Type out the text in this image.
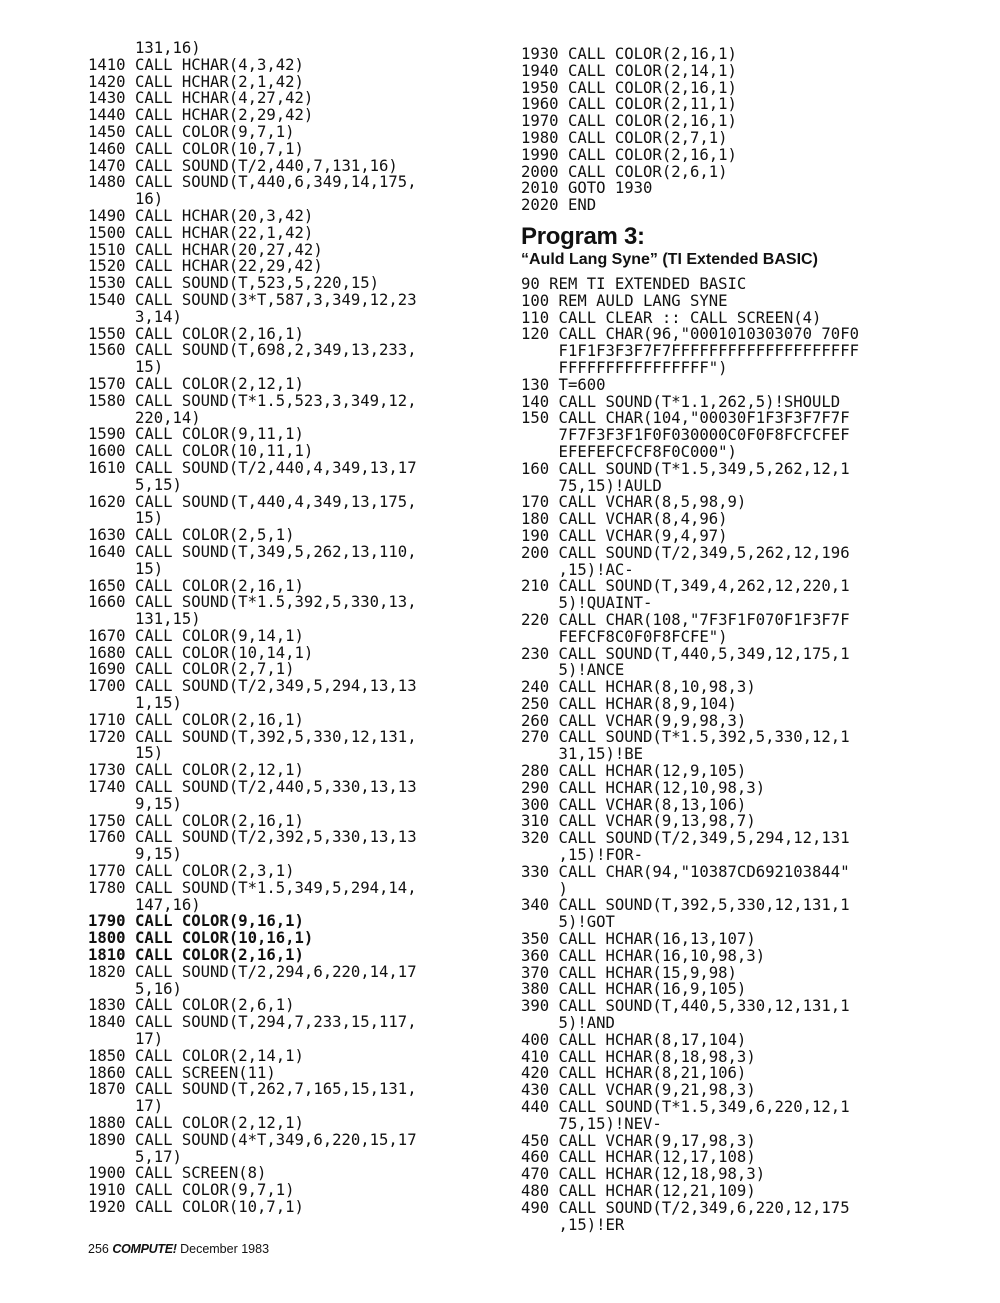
131,16)
1410 CALL HCHAR(4,3,42)
1420 CALL HCHAR(2,1,42)
1430 CALL HCHAR(4,27,42)
1440 CALL HCHAR(2,29,42)
1450 CALL COLOR(9,7,1)
1460 CALL COLOR(10,7,1)
1470 CALL SOUND(T/2,440,7,131,16)
1480 CALL SOUND(T,440,6,349,14,175,
16)
1490 CALL HCHAR(20,3,42)
1500 CALL HCHAR(22,1,42)
1510 CALL HCHAR(20,27,42)
1520 CALL HCHAR(22,29,42)
1530 CALL SOUND(T,523,5,220,15)
1540 CALL SOUND(3*T,587,3,349,12,23
3,14)
1550 CALL COLOR(2,16,1)
1560 CALL SOUND(T,698,2,349,13,233,
15)
1570 CALL COLOR(2,12,1)
1580 CALL SOUND(T*1.5,523,3,349,12,
220,14)
1590 CALL COLOR(9,11,1)
1600 CALL COLOR(10,11,1)
1610 CALL SOUND(T/2,440,4,349,13,17
5,15)
1620 CALL SOUND(T,440,4,349,13,175,
15)
1630 CALL COLOR(2,5,1)
1640 CALL SOUND(T,349,5,262,13,110,
15)
1650 CALL COLOR(2,16,1)
1660 CALL SOUND(T*1.5,392,5,330,13,
131,15)
1670 CALL COLOR(9,14,1)
1680 CALL COLOR(10,14,1)
1690 CALL COLOR(2,7,1)
1700 CALL SOUND(T/2,349,5,294,13,13
1,15)
1710 CALL COLOR(2,16,1)
1720 CALL SOUND(T,392,5,330,12,131,
15)
1730 CALL COLOR(2,12,1)
1740 CALL SOUND(T/2,440,5,330,13,13
9,15)
1750 CALL COLOR(2,16,1)
1760 CALL SOUND(T/2,392,5,330,13,13
9,15)
1770 CALL COLOR(2,3,1)
1780 CALL SOUND(T*1.5,349,5,294,14,
147,16)
1790 CALL COLOR(9,16,1)
1800 CALL COLOR(10,16,1)
1810 CALL COLOR(2,16,1)
1820 CALL SOUND(T/2,294,6,220,14,17
5,16)
1830 CALL COLOR(2,6,1)
1840 CALL SOUND(T,294,7,233,15,117,
17)
1850 CALL COLOR(2,14,1)
1860 CALL SCREEN(11)
1870 CALL SOUND(T,262,7,165,15,131,
17)
1880 CALL COLOR(2,12,1)
1890 CALL SOUND(4*T,349,6,220,15,17
5,17)
1900 CALL SCREEN(8)
1910 CALL COLOR(9,7,1)
1920 CALL COLOR(10,7,1)
1930 CALL COLOR(2,16,1)
1940 CALL COLOR(2,14,1)
1950 CALL COLOR(2,16,1)
1960 CALL COLOR(2,11,1)
1970 CALL COLOR(2,16,1)
1980 CALL COLOR(2,7,1)
1990 CALL COLOR(2,16,1)
2000 CALL COLOR(2,6,1)
2010 GOTO 1930
2020 END
Program 3:
“Auld Lang Syne” (TI Extended BASIC)
90 REM TI EXTENDED BASIC
100 REM AULD LANG SYNE
110 CALL CLEAR :: CALL SCREEN(4)
120 CALL CHAR(96,"0001010303070 70F0
F1F1F3F3F7F7FFFFFFFFFFFFFFFFFFFF
FFFFFFFFFFFFFFFF")
130 T=600
140 CALL SOUND(T*1.1,262,5)!SHOULD
150 CALL CHAR(104,"00030F1F3F3F7F7F
7F7F3F3F1F0F030000C0F0F8FCFCFEF
EFEFEFCFCF8F0C000")
160 CALL SOUND(T*1.5,349,5,262,12,1
75,15)!AULD
170 CALL VCHAR(8,5,98,9)
180 CALL VCHAR(8,4,96)
190 CALL VCHAR(9,4,97)
200 CALL SOUND(T/2,349,5,262,12,196
,15)!AC-
210 CALL SOUND(T,349,4,262,12,220,1
5)!QUAINT-
220 CALL CHAR(108,"7F3F1F070F1F3F7F
FEFCF8C0F0F8FCFE")
230 CALL SOUND(T,440,5,349,12,175,1
5)!ANCE
240 CALL HCHAR(8,10,98,3)
250 CALL HCHAR(8,9,104)
260 CALL VCHAR(9,9,98,3)
270 CALL SOUND(T*1.5,392,5,330,12,1
31,15)!BE
280 CALL HCHAR(12,9,105)
290 CALL HCHAR(12,10,98,3)
300 CALL VCHAR(8,13,106)
310 CALL VCHAR(9,13,98,7)
320 CALL SOUND(T/2,349,5,294,12,131
,15)!FOR-
330 CALL CHAR(94,"10387CD692103844"
)
340 CALL SOUND(T,392,5,330,12,131,1
5)!GOT
350 CALL HCHAR(16,13,107)
360 CALL HCHAR(16,10,98,3)
370 CALL HCHAR(15,9,98)
380 CALL HCHAR(16,9,105)
390 CALL SOUND(T,440,5,330,12,131,1
5)!AND
400 CALL HCHAR(8,17,104)
410 CALL HCHAR(8,18,98,3)
420 CALL HCHAR(8,21,106)
430 CALL VCHAR(9,21,98,3)
440 CALL SOUND(T*1.5,349,6,220,12,1
75,15)!NEV-
450 CALL VCHAR(9,17,98,3)
460 CALL HCHAR(12,17,108)
470 CALL HCHAR(12,18,98,3)
480 CALL HCHAR(12,21,109)
490 CALL SOUND(T/2,349,6,220,12,175
,15)!ER
256 COMPUTE! December 1983
